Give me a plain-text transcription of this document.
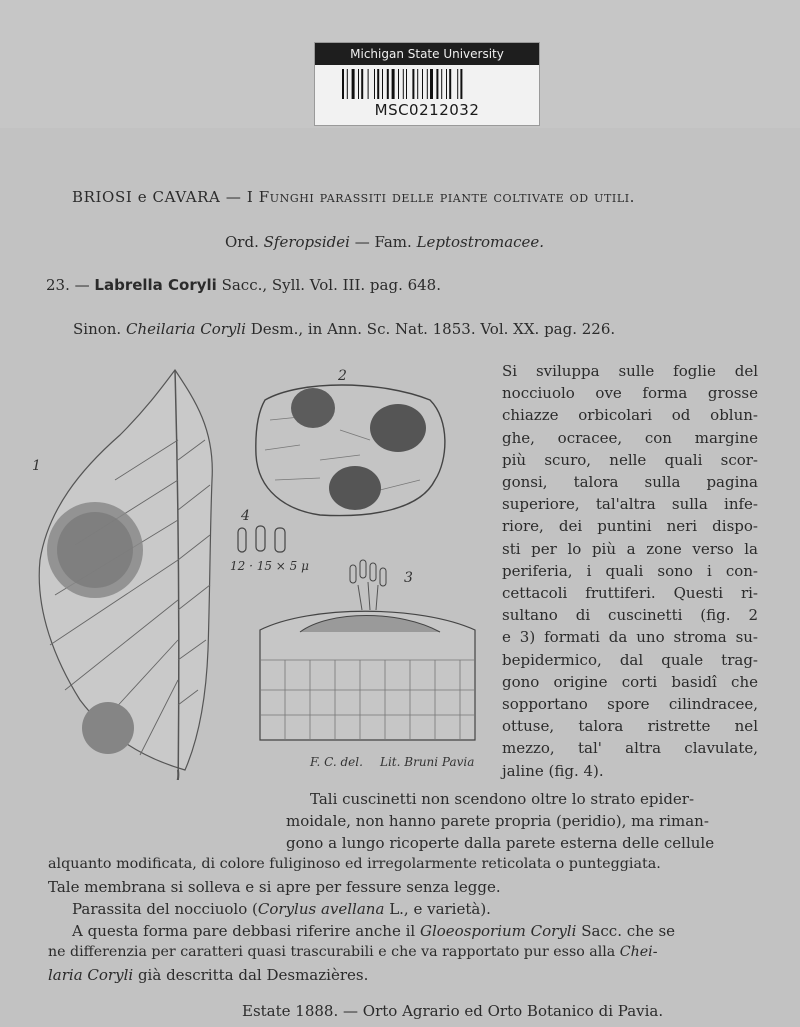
Michigan State University
MSC0212032
BRIOSI e CAVARA — I Funghi parassiti delle piante coltivate od utili.
Ord. Sferopsidei — Fam. Leptostromacee.
23. — Labrella Coryli Sacc., Syll. Vol. III. pag. 648.
Sinon. Cheilaria Coryli Desm., in Ann. Sc. Nat. 1853. Vol. XX. pag. 226.
Si sviluppa sulle foglie del
nocciuolo ove forma grosse
chiazze orbicolari od oblun-
ghe, ocracee, con margine
più scuro, nelle quali scor-
gonsi, talora sulla pagina
superiore, tal'altra sulla infe-
riore, dei puntini neri dispo-
sti per lo più a zone verso la
periferia, i quali sono i con-
cettacoli fruttiferi. Questi ri-
sultano di cuscinetti (fig. 2
e 3) formati da uno stroma su-
bepidermico, dal quale trag-
gono origine corti basidî che
sopportano spore cilindracee,
ottuse, talora ristrette nel
mezzo, tal' altra clavulate,
jaline (fig. 4).
1
2
4
12 · 15 × 5 μ
3
F. C. del. Lit. Bruni Pavia
Tali cuscinetti non scendono oltre lo strato epider-
moidale, non hanno parete propria (peridio), ma riman-
gono a lungo ricoperte dalla parete esterna delle cellule
alquanto modificata, di colore fuliginoso ed irregolarmente reticolata o punteggiata.
Tale membrana si solleva e si apre per fessure senza legge.
Parassita del nocciuolo (Corylus avellana L., e varietà).
A questa forma pare debbasi riferire anche il Gloeosporium Coryli Sacc. che se
ne differenzia per caratteri quasi trascurabili e che va rapportato pur esso alla Chei-
laria Coryli già descritta dal Desmazières.
Estate 1888. — Orto Agrario ed Orto Botanico di Pavia.
